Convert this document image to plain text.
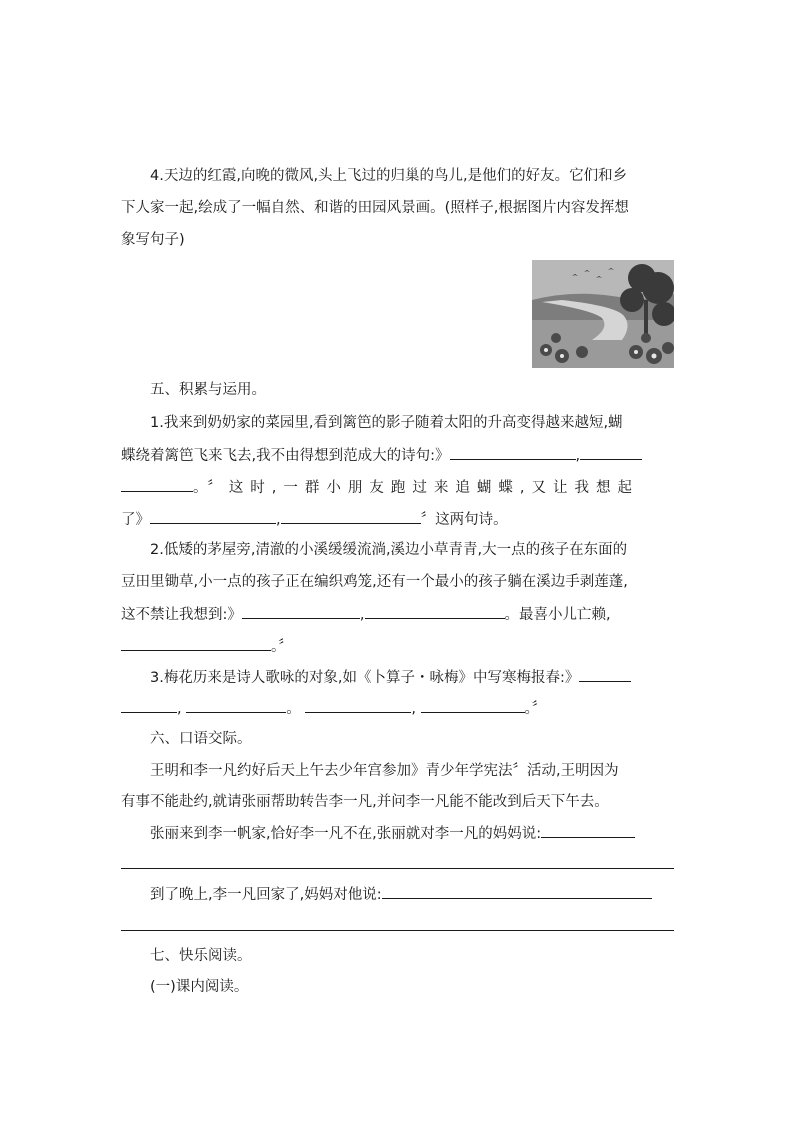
4.天边的红霞,向晚的微风,头上飞过的归巢的鸟儿,是他们的好友。它们和乡
下人家一起,绘成了一幅自然、和谐的田园风景画。(照样子,根据图片内容发挥想
象写句子)
五、积累与运用。
1.我来到奶奶家的菜园里,看到篱笆的影子随着太阳的升高变得越来越短,蝴
蝶绕着篱笆飞来飞去,我不由得想到范成大的诗句:》	,
。〞这时,一群小朋友跑过来追蝴蝶,又让我想起
了》	,	〞这两句诗。
2.低矮的茅屋旁,清澈的小溪缓缓流淌,溪边小草青青,大一点的孩子在东面的
豆田里锄草,小一点的孩子正在编织鸡笼,还有一个最小的孩子躺在溪边手剥莲蓬,
这不禁让我想到:》	,	。最喜小儿亡赖,
。〞
3.梅花历来是诗人歌咏的对象,如《卜算子・咏梅》中写寒梅报春:》
,	。	,	。〞
六、口语交际。
王明和李一凡约好后天上午去少年宫参加》青少年学宪法〞活动,王明因为
有事不能赴约,就请张丽帮助转告李一凡,并问李一凡能不能改到后天下午去。
张丽来到李一帆家,恰好李一凡不在,张丽就对李一凡的妈妈说:
到了晚上,李一凡回家了,妈妈对他说:
七、快乐阅读。
(一)课内阅读。
